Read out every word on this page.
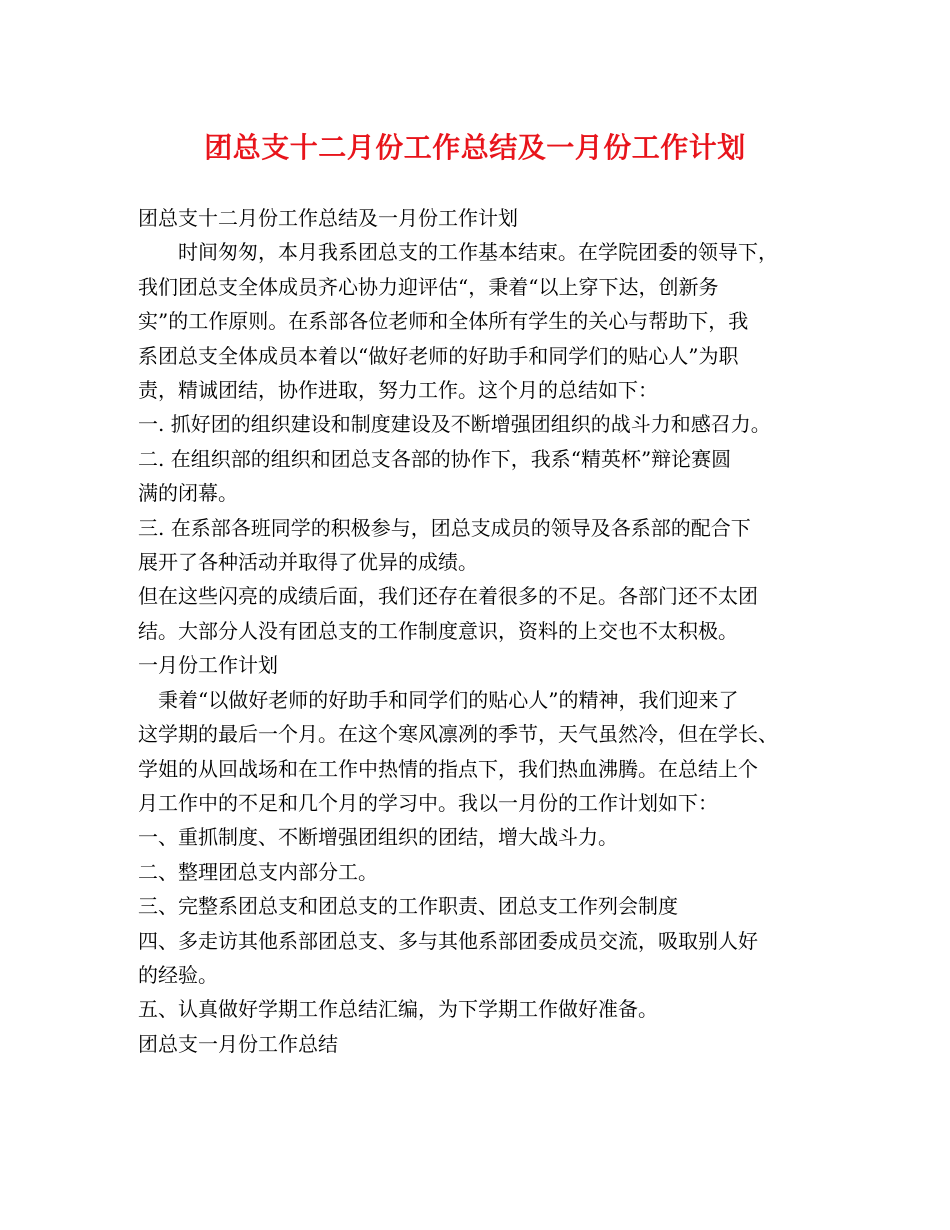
团总支十二月份工作总结及一月份工作计划

团总支十二月份工作总结及一月份工作计划

时间匆匆，本月我系团总支的工作基本结束。在学院团委的领导下，

我们团总支全体成员齐心协力迎评估“，秉着“以上穿下达，创新务

实”的工作原则。在系部各位老师和全体所有学生的关心与帮助下，我

系团总支全体成员本着以“做好老师的好助手和同学们的贴心人”为职

责，精诚团结，协作进取，努力工作。这个月的总结如下：

一. 抓好团的组织建设和制度建设及不断增强团组织的战斗力和感召力。

二. 在组织部的组织和团总支各部的协作下，我系“精英杯”辩论赛圆

满的闭幕。

三. 在系部各班同学的积极参与，团总支成员的领导及各系部的配合下

展开了各种活动并取得了优异的成绩。

但在这些闪亮的成绩后面，我们还存在着很多的不足。各部门还不太团

结。大部分人没有团总支的工作制度意识，资料的上交也不太积极。

一月份工作计划

秉着“以做好老师的好助手和同学们的贴心人”的精神，我们迎来了

这学期的最后一个月。在这个寒风凛冽的季节，天气虽然冷，但在学长、

学姐的从回战场和在工作中热情的指点下，我们热血沸腾。在总结上个

月工作中的不足和几个月的学习中。我以一月份的工作计划如下：

一、重抓制度、不断增强团组织的团结，增大战斗力。

二、整理团总支内部分工。

三、完整系团总支和团总支的工作职责、团总支工作列会制度

四、多走访其他系部团总支、多与其他系部团委成员交流，吸取别人好

的经验。

五、认真做好学期工作总结汇编，为下学期工作做好准备。

团总支一月份工作总结
